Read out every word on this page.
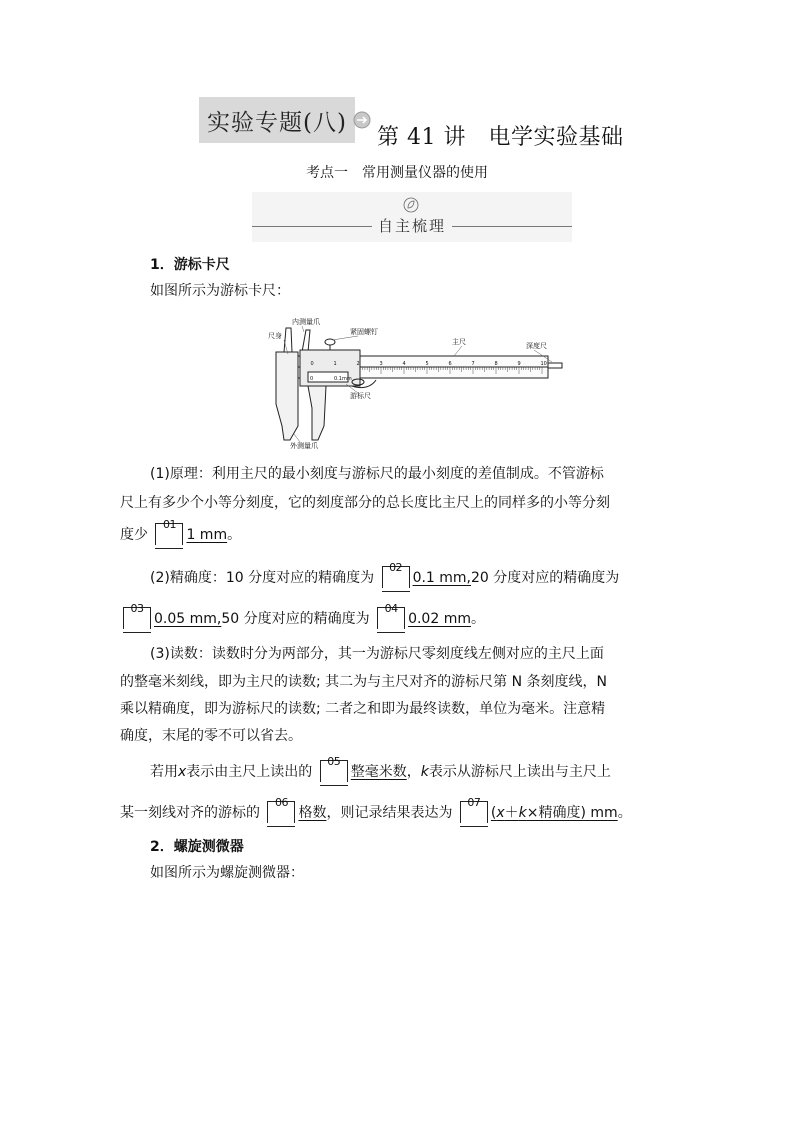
实验专题(八)
第 41 讲　电学实验基础
考点一　常用测量仪器的使用
自主梳理
1．游标卡尺
如图所示为游标卡尺：
尺身
内测量爪
紧固螺钉
主尺	深度尺
游标尺
外测量爪
0.1mm
0
0	1	2	3	4	5	6	7	8	9	10
(1)原理：利用主尺的最小刻度与游标尺的最小刻度的差值制成。不管游标
尺上有多少个小等分刻度，它的刻度部分的总长度比主尺上的同样多的小等分刻
度少
01
1 mm。
(2)精确度：10 分度对应的精确度为
02
0.1 mm,20 分度对应的精确度为
03
0.05 mm,50 分度对应的精确度为
04
0.02 mm。
(3)读数：读数时分为两部分，其一为游标尺零刻度线左侧对应的主尺上面
的整毫米刻线，即为主尺的读数; 其二为与主尺对齐的游标尺第 N 条刻度线，N
乘以精确度，即为游标尺的读数; 二者之和即为最终读数，单位为毫米。注意精
确度，末尾的零不可以省去。
若用x表示由主尺上读出的
05
整毫米数，k表示从游标尺上读出与主尺上
某一刻线对齐的游标的
06
格数，则记录结果表达为
07
(x＋k×精确度) mm。
2．螺旋测微器
如图所示为螺旋测微器：
